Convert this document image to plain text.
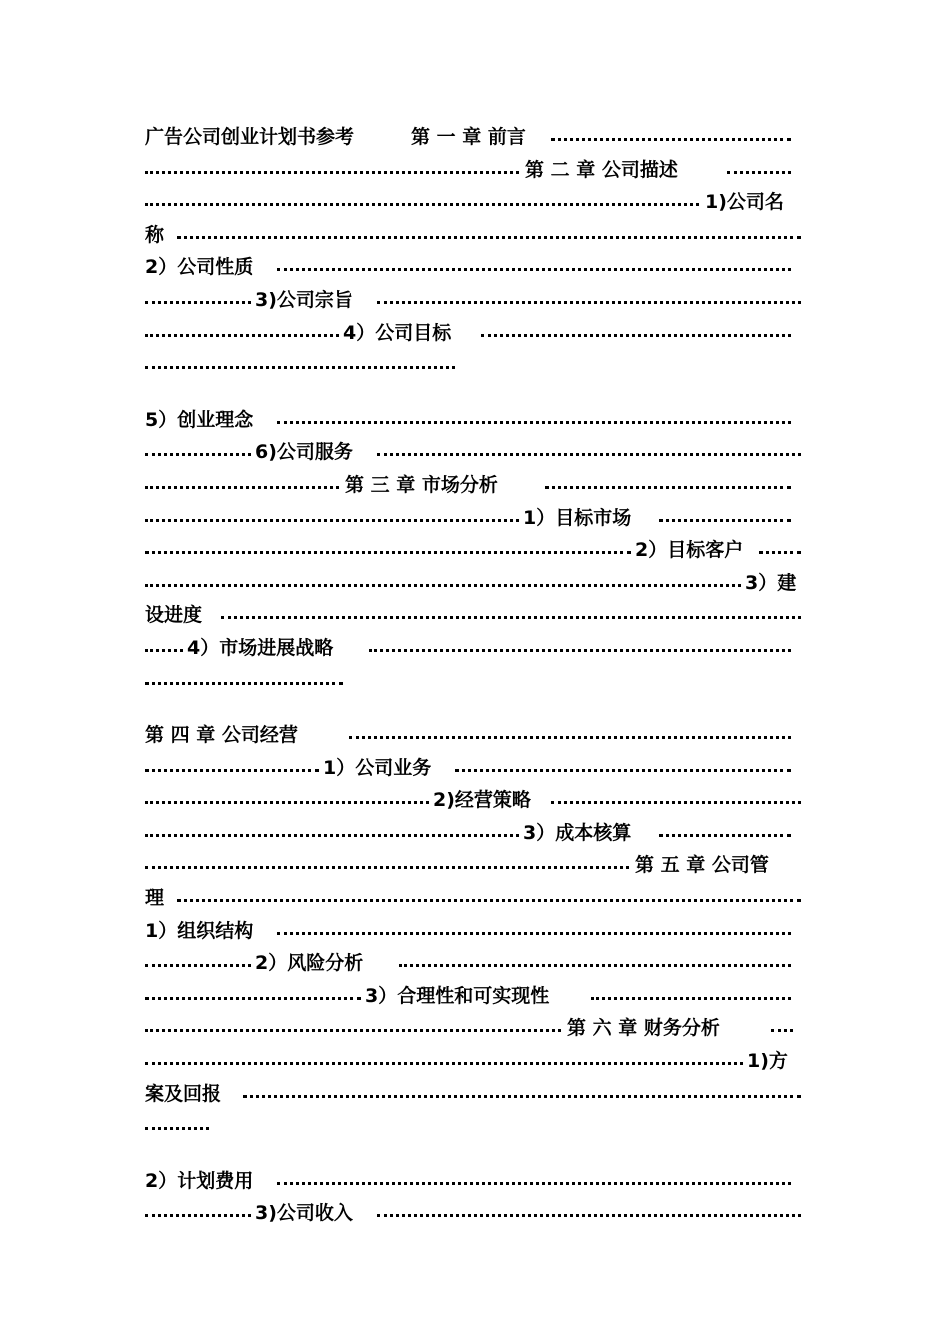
广告公司创业计划书参考	第 一 章 前言
第 二 章 公司描述
1)公司名
称
2）公司性质
3)公司宗旨
4）公司目标
5）创业理念
6)公司服务
第 三 章 市场分析
1）目标市场
2）目标客户
3）建
设进度
4）市场进展战略
第 四 章 公司经营
1）公司业务
2)经营策略
3）成本核算
第 五 章 公司管
理
1）组织结构
2）风险分析
3）合理性和可实现性
第 六 章 财务分析
1)方
案及回报
2）计划费用
3)公司收入
